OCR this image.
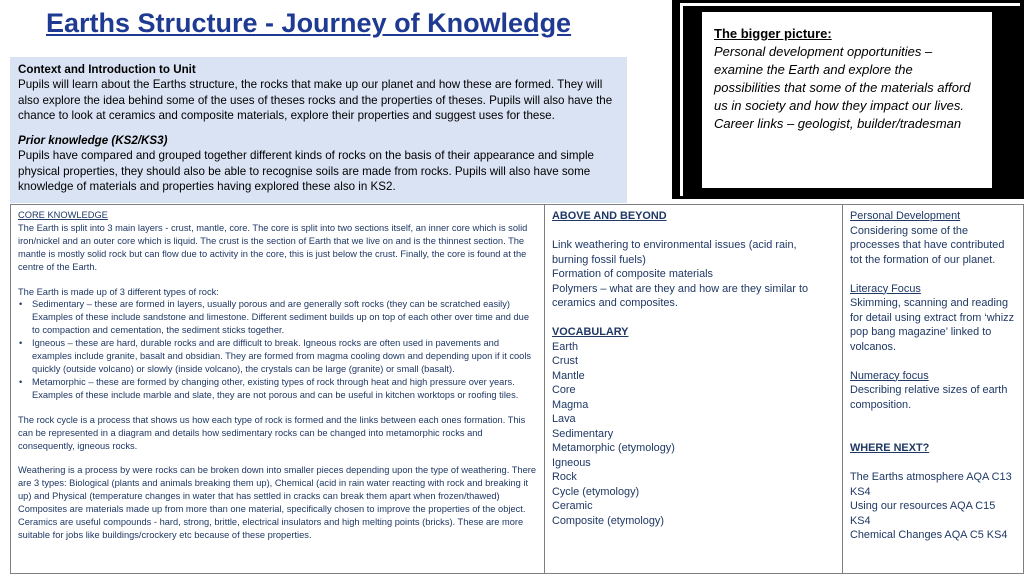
Earths Structure - Journey of Knowledge
Context and Introduction to Unit
Pupils will learn about the Earths structure, the rocks that make up our planet and how these are formed. They will also explore the idea behind some of the uses of theses rocks and the properties of theses. Pupils will also have the chance to look at ceramics and composite materials, explore their properties and suggest uses for these.
Prior knowledge (KS2/KS3)
Pupils have compared and grouped together different kinds of rocks on the basis of their appearance and simple physical properties, they should also be able to recognise soils are made from rocks. Pupils will also have some knowledge of materials and properties having explored these also in KS2.
The bigger picture:
Personal development opportunities – examine the Earth and explore the possibilities that some of the materials afford us in society and how they impact our lives.
Career links – geologist, builder/tradesman
CORE KNOWLEDGE
The Earth is split into 3 main layers - crust, mantle, core. The core is split into two sections itself, an inner core which is solid iron/nickel and an outer core which is liquid. The crust is the section of Earth that we live on and is the thinnest section. The mantle is mostly solid rock but can flow due to activity in the core, this is just below the crust. Finally, the core is found at the centre of the Earth.
The Earth is made up of 3 different types of rock:
• Sedimentary – these are formed in layers, usually porous and are generally soft rocks (they can be scratched easily) Examples of these include sandstone and limestone. Different sediment builds up on top of each other over time and due to compaction and cementation, the sediment sticks together.
• Igneous – these are hard, durable rocks and are difficult to break. Igneous rocks are often used in pavements and examples include granite, basalt and obsidian. They are formed from magma cooling down and depending upon if it cools quickly (outside volcano) or slowly (inside volcano), the crystals can be large (granite) or small (basalt).
• Metamorphic – these are formed by changing other, existing types of rock through heat and high pressure over years. Examples of these include marble and slate, they are not porous and can be useful in kitchen worktops or roofing tiles.
The rock cycle is a process that shows us how each type of rock is formed and the links between each ones formation. This can be represented in a diagram and details how sedimentary rocks can be changed into metamorphic rocks and consequently, igneous rocks.
Weathering is a process by were rocks can be broken down into smaller pieces depending upon the type of weathering. There are 3 types: Biological (plants and animals breaking them up), Chemical (acid in rain water reacting with rock and breaking it up) and Physical (temperature changes in water that has settled in cracks can break them apart when frozen/thawed)
Composites are materials made up from more than one material, specifically chosen to improve the properties of the object. Ceramics are useful compounds - hard, strong, brittle, electrical insulators and high melting points (bricks). These are more suitable for jobs like buildings/crockery etc because of these properties.
ABOVE AND BEYOND
Link weathering to environmental issues (acid rain, burning fossil fuels)
Formation of composite materials
Polymers – what are they and how are they similar to ceramics and composites.
VOCABULARY
Earth
Crust
Mantle
Core
Magma
Lava
Sedimentary
Metamorphic (etymology)
Igneous
Rock
Cycle (etymology)
Ceramic
Composite (etymology)
Personal Development
Considering some of the processes that have contributed tot the formation of our planet.
Literacy Focus
Skimming, scanning and reading for detail using extract from ‘whizz pop bang magazine’ linked to volcanos.
Numeracy focus
Describing relative sizes of earth composition.
WHERE NEXT?
The Earths atmosphere AQA C13 KS4
Using our resources AQA C15 KS4
Chemical Changes AQA C5 KS4
